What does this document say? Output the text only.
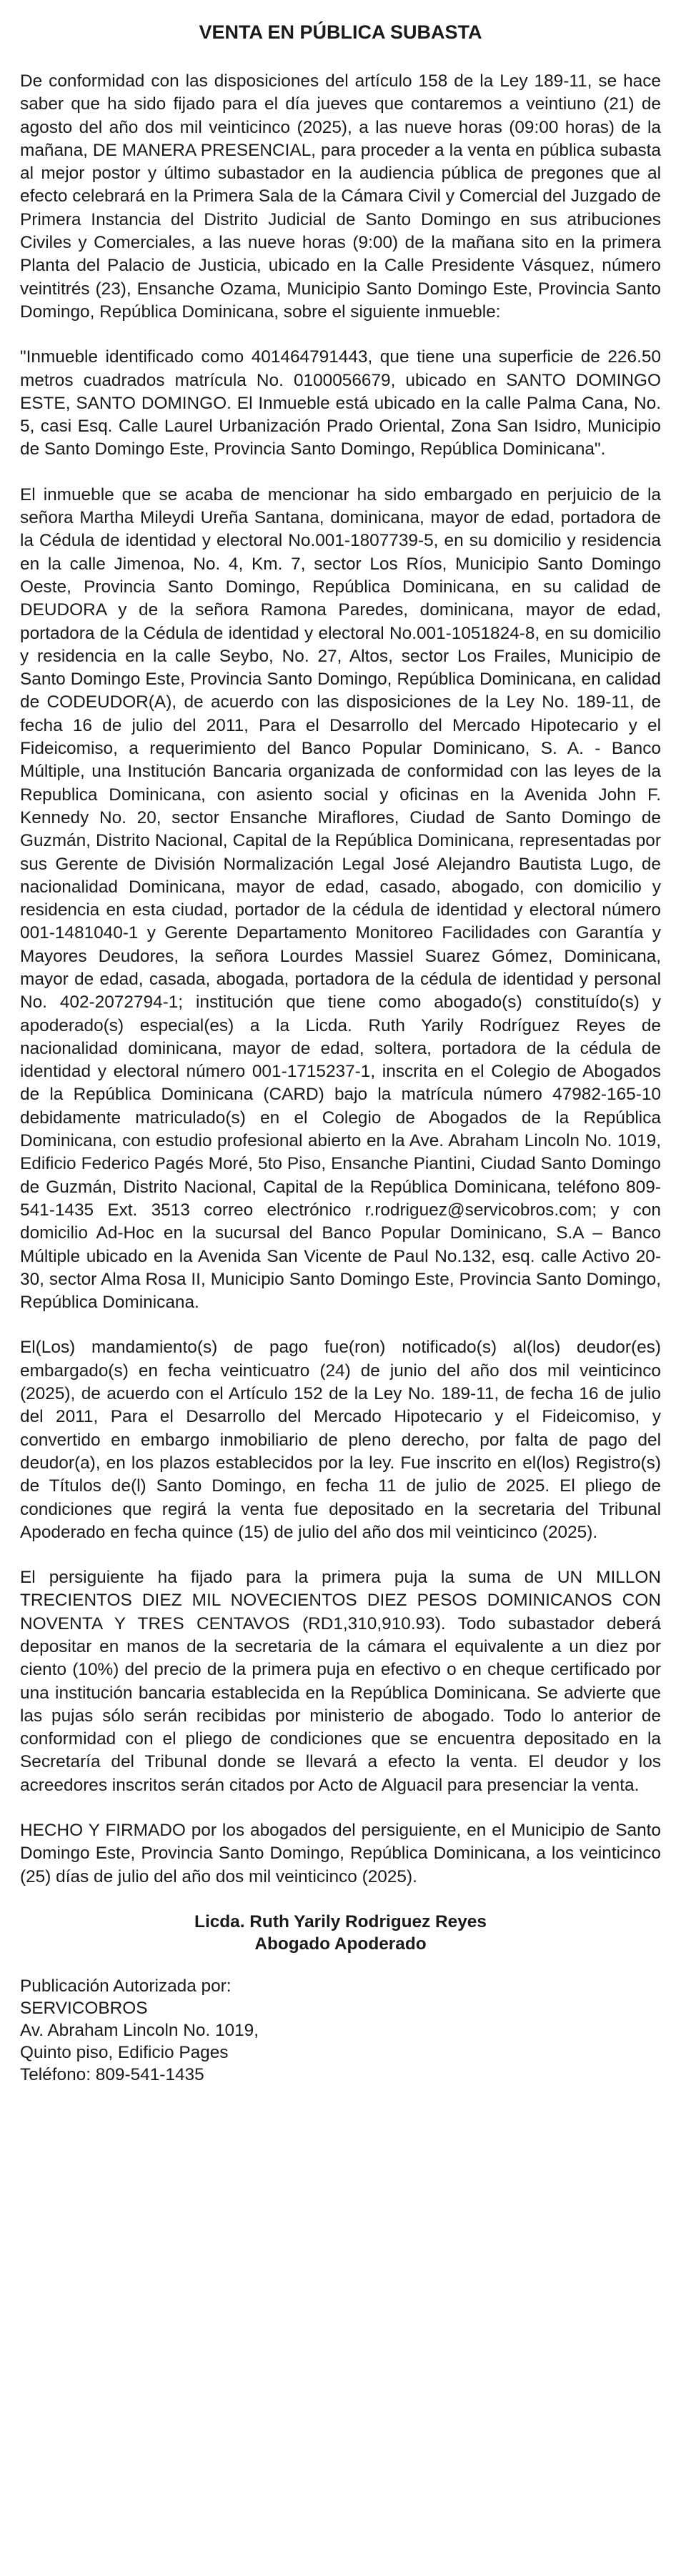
VENTA EN PÚBLICA SUBASTA

De conformidad con las disposiciones del artículo 158 de la Ley 189-11, se hace saber que ha sido fijado para el día jueves que contaremos a veintiuno (21) de agosto del año dos mil veinticinco (2025), a las nueve horas (09:00 horas) de la mañana, DE MANERA PRESENCIAL, para proceder a la venta en pública subasta al mejor postor y último subastador en la audiencia pública de pregones que al efecto celebrará en la Primera Sala de la Cámara Civil y Comercial del Juzgado de Primera Instancia del Distrito Judicial de Santo Domingo en sus atribuciones Civiles y Comerciales, a las nueve horas (9:00) de la mañana sito en la primera Planta del Palacio de Justicia, ubicado en la Calle Presidente Vásquez, número veintitrés (23), Ensanche Ozama, Municipio Santo Domingo Este, Provincia Santo Domingo, República Dominicana, sobre el siguiente inmueble:

"Inmueble identificado como 401464791443, que tiene una superficie de 226.50 metros cuadrados matrícula No. 0100056679, ubicado en SANTO DOMINGO ESTE, SANTO DOMINGO. El Inmueble está ubicado en la calle Palma Cana, No. 5, casi Esq. Calle Laurel Urbanización Prado Oriental, Zona San Isidro, Municipio de Santo Domingo Este, Provincia Santo Domingo, República Dominicana".

El inmueble que se acaba de mencionar ha sido embargado en perjuicio de la señora Martha Mileydi Ureña Santana, dominicana, mayor de edad, portadora de la Cédula de identidad y electoral No.001-1807739-5, en su domicilio y residencia en la calle Jimenoa, No. 4, Km. 7, sector Los Ríos, Municipio Santo Domingo Oeste, Provincia Santo Domingo, República Dominicana, en su calidad de DEUDORA y de la señora Ramona Paredes, dominicana, mayor de edad, portadora de la Cédula de identidad y electoral No.001-1051824-8, en su domicilio y residencia en la calle Seybo, No. 27, Altos, sector Los Frailes, Municipio de Santo Domingo Este, Provincia Santo Domingo, República Dominicana, en calidad de CODEUDOR(A), de acuerdo con las disposiciones de la Ley No. 189-11, de fecha 16 de julio del 2011, Para el Desarrollo del Mercado Hipotecario y el Fideicomiso, a requerimiento del Banco Popular Dominicano, S. A. - Banco Múltiple, una Institución Bancaria organizada de conformidad con las leyes de la Republica Dominicana, con asiento social y oficinas en la Avenida John F. Kennedy No. 20, sector Ensanche Miraflores, Ciudad de Santo Domingo de Guzmán, Distrito Nacional, Capital de la República Dominicana, representadas por sus Gerente de División Normalización Legal José Alejandro Bautista Lugo, de nacionalidad Dominicana, mayor de edad, casado, abogado, con domicilio y residencia en esta ciudad, portador de la cédula de identidad y electoral número 001-1481040-1 y Gerente Departamento Monitoreo Facilidades con Garantía y Mayores Deudores, la señora Lourdes Massiel Suarez Gómez, Dominicana, mayor de edad, casada, abogada, portadora de la cédula de identidad y personal No. 402-2072794-1; institución que tiene como abogado(s) constituído(s) y apoderado(s) especial(es) a la Licda. Ruth Yarily Rodríguez Reyes de nacionalidad dominicana, mayor de edad, soltera, portadora de la cédula de identidad y electoral número 001-1715237-1, inscrita en el Colegio de Abogados de la República Dominicana (CARD) bajo la matrícula número 47982-165-10 debidamente matriculado(s) en el Colegio de Abogados de la República Dominicana, con estudio profesional abierto en la Ave. Abraham Lincoln No. 1019, Edificio Federico Pagés Moré, 5to Piso, Ensanche Piantini, Ciudad Santo Domingo de Guzmán, Distrito Nacional, Capital de la República Dominicana, teléfono 809-541-1435 Ext. 3513 correo electrónico r.rodriguez@servicobros.com; y con domicilio Ad-Hoc en la sucursal del Banco Popular Dominicano, S.A – Banco Múltiple ubicado en la Avenida San Vicente de Paul No.132, esq. calle Activo 20-30, sector Alma Rosa II, Municipio Santo Domingo Este, Provincia Santo Domingo, República Dominicana.

El(Los) mandamiento(s) de pago fue(ron) notificado(s) al(los) deudor(es) embargado(s) en fecha veinticuatro (24) de junio del año dos mil veinticinco (2025), de acuerdo con el Artículo 152 de la Ley No. 189-11, de fecha 16 de julio del 2011, Para el Desarrollo del Mercado Hipotecario y el Fideicomiso, y convertido en embargo inmobiliario de pleno derecho, por falta de pago del deudor(a), en los plazos establecidos por la ley. Fue inscrito en el(los) Registro(s) de Títulos de(l) Santo Domingo, en fecha 11 de julio de 2025. El pliego de condiciones que regirá la venta fue depositado en la secretaria del Tribunal Apoderado en fecha quince (15) de julio del año dos mil veinticinco (2025).

El persiguiente ha fijado para la primera puja la suma de UN MILLON TRECIENTOS DIEZ MIL NOVECIENTOS DIEZ PESOS DOMINICANOS CON NOVENTA Y TRES CENTAVOS (RD1,310,910.93). Todo subastador deberá depositar en manos de la secretaria de la cámara el equivalente a un diez por ciento (10%) del precio de la primera puja en efectivo o en cheque certificado por una institución bancaria establecida en la República Dominicana. Se advierte que las pujas sólo serán recibidas por ministerio de abogado. Todo lo anterior de conformidad con el pliego de condiciones que se encuentra depositado en la Secretaría del Tribunal donde se llevará a efecto la venta. El deudor y los acreedores inscritos serán citados por Acto de Alguacil para presenciar la venta.

HECHO Y FIRMADO por los abogados del persiguiente, en el Municipio de Santo Domingo Este, Provincia Santo Domingo, República Dominicana, a los veinticinco (25) días de julio del año dos mil veinticinco (2025).

Licda. Ruth Yarily Rodriguez Reyes
Abogado Apoderado
Publicación Autorizada por:
SERVICOBROS
Av. Abraham Lincoln No. 1019,
Quinto piso, Edificio Pages
Teléfono: 809-541-1435
